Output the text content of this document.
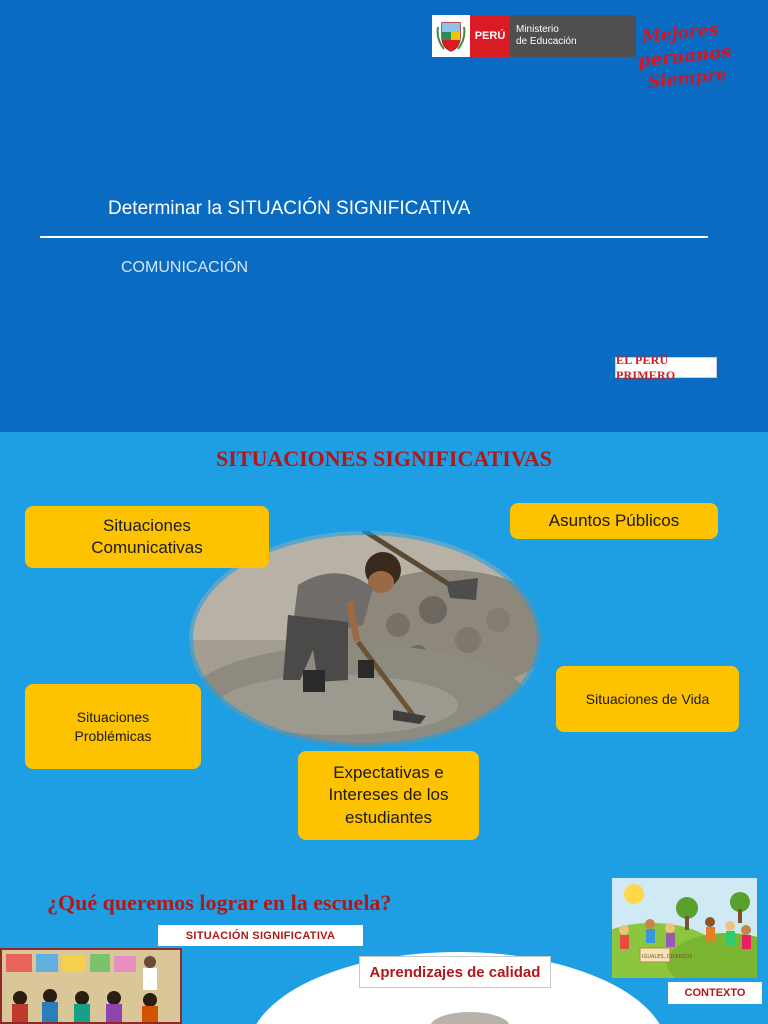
PERÚ
Ministerio
de Educación	Mejores
peruanos
Siempre
Determinar la SITUACIÓN SIGNIFICATIVA
COMUNICACIÓN
EL PERÚ PRIMERO
SITUACIONES SIGNIFICATIVAS
Situaciones
Comunicativas
Asuntos Públicos
Situaciones
Problémicas
Situaciones de Vida
Expectativas e
Intereses de los
estudiantes
¿Qué queremos lograr en la escuela?
SITUACIÓN SIGNIFICATIVA
Aprendizajes de calidad
IGUALES, DIVERSOS
CONTEXTO
